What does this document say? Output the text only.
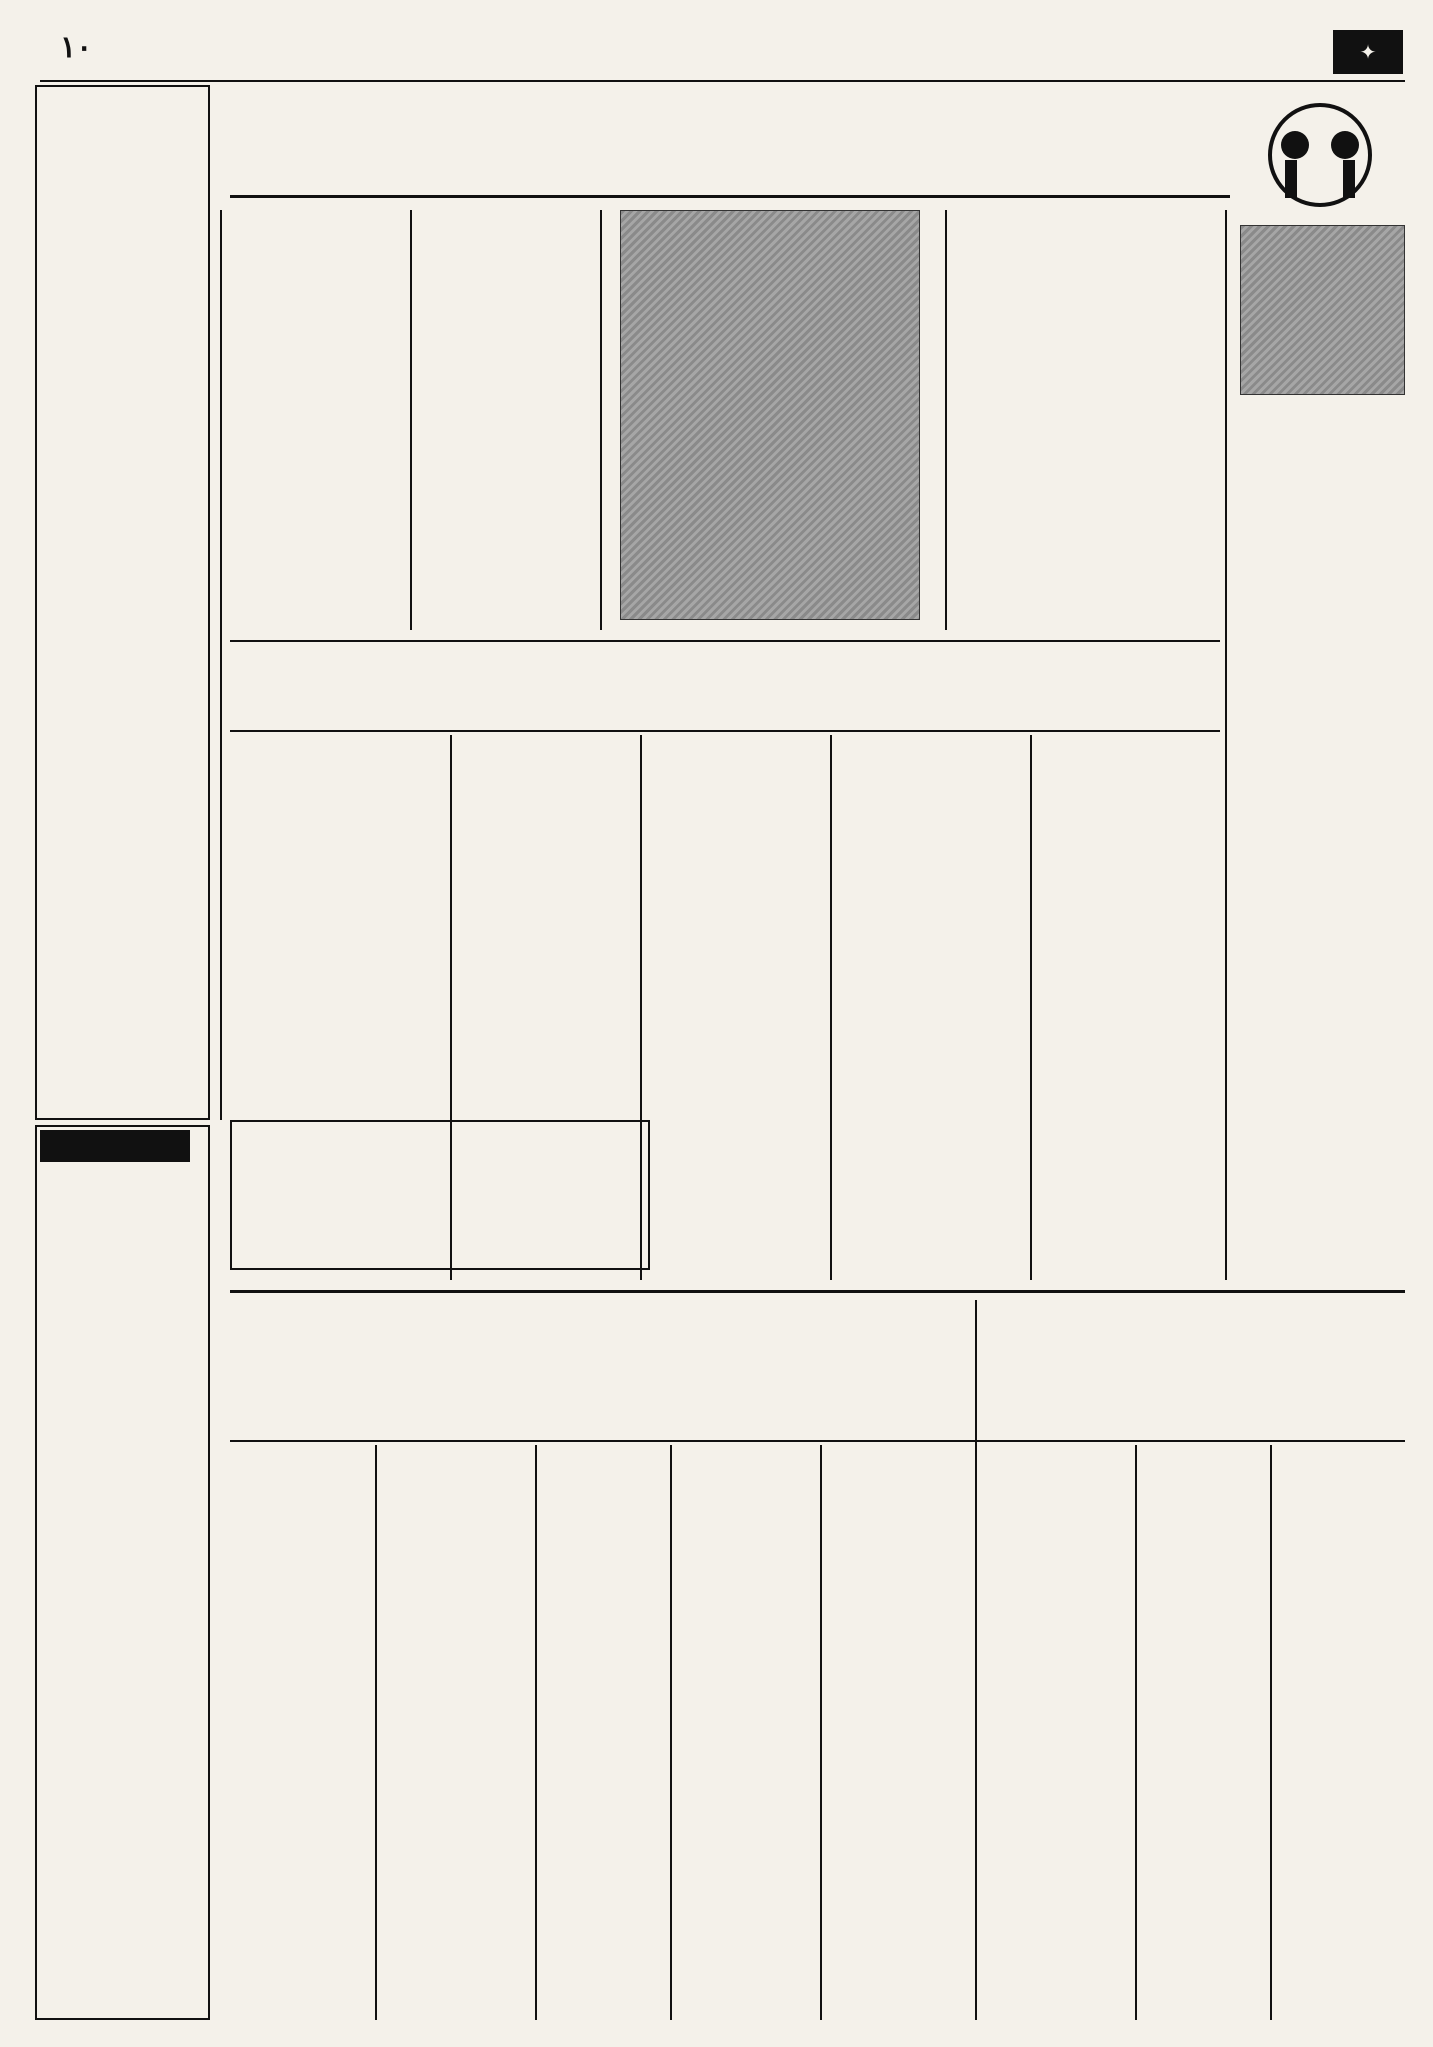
✦
۱۰
